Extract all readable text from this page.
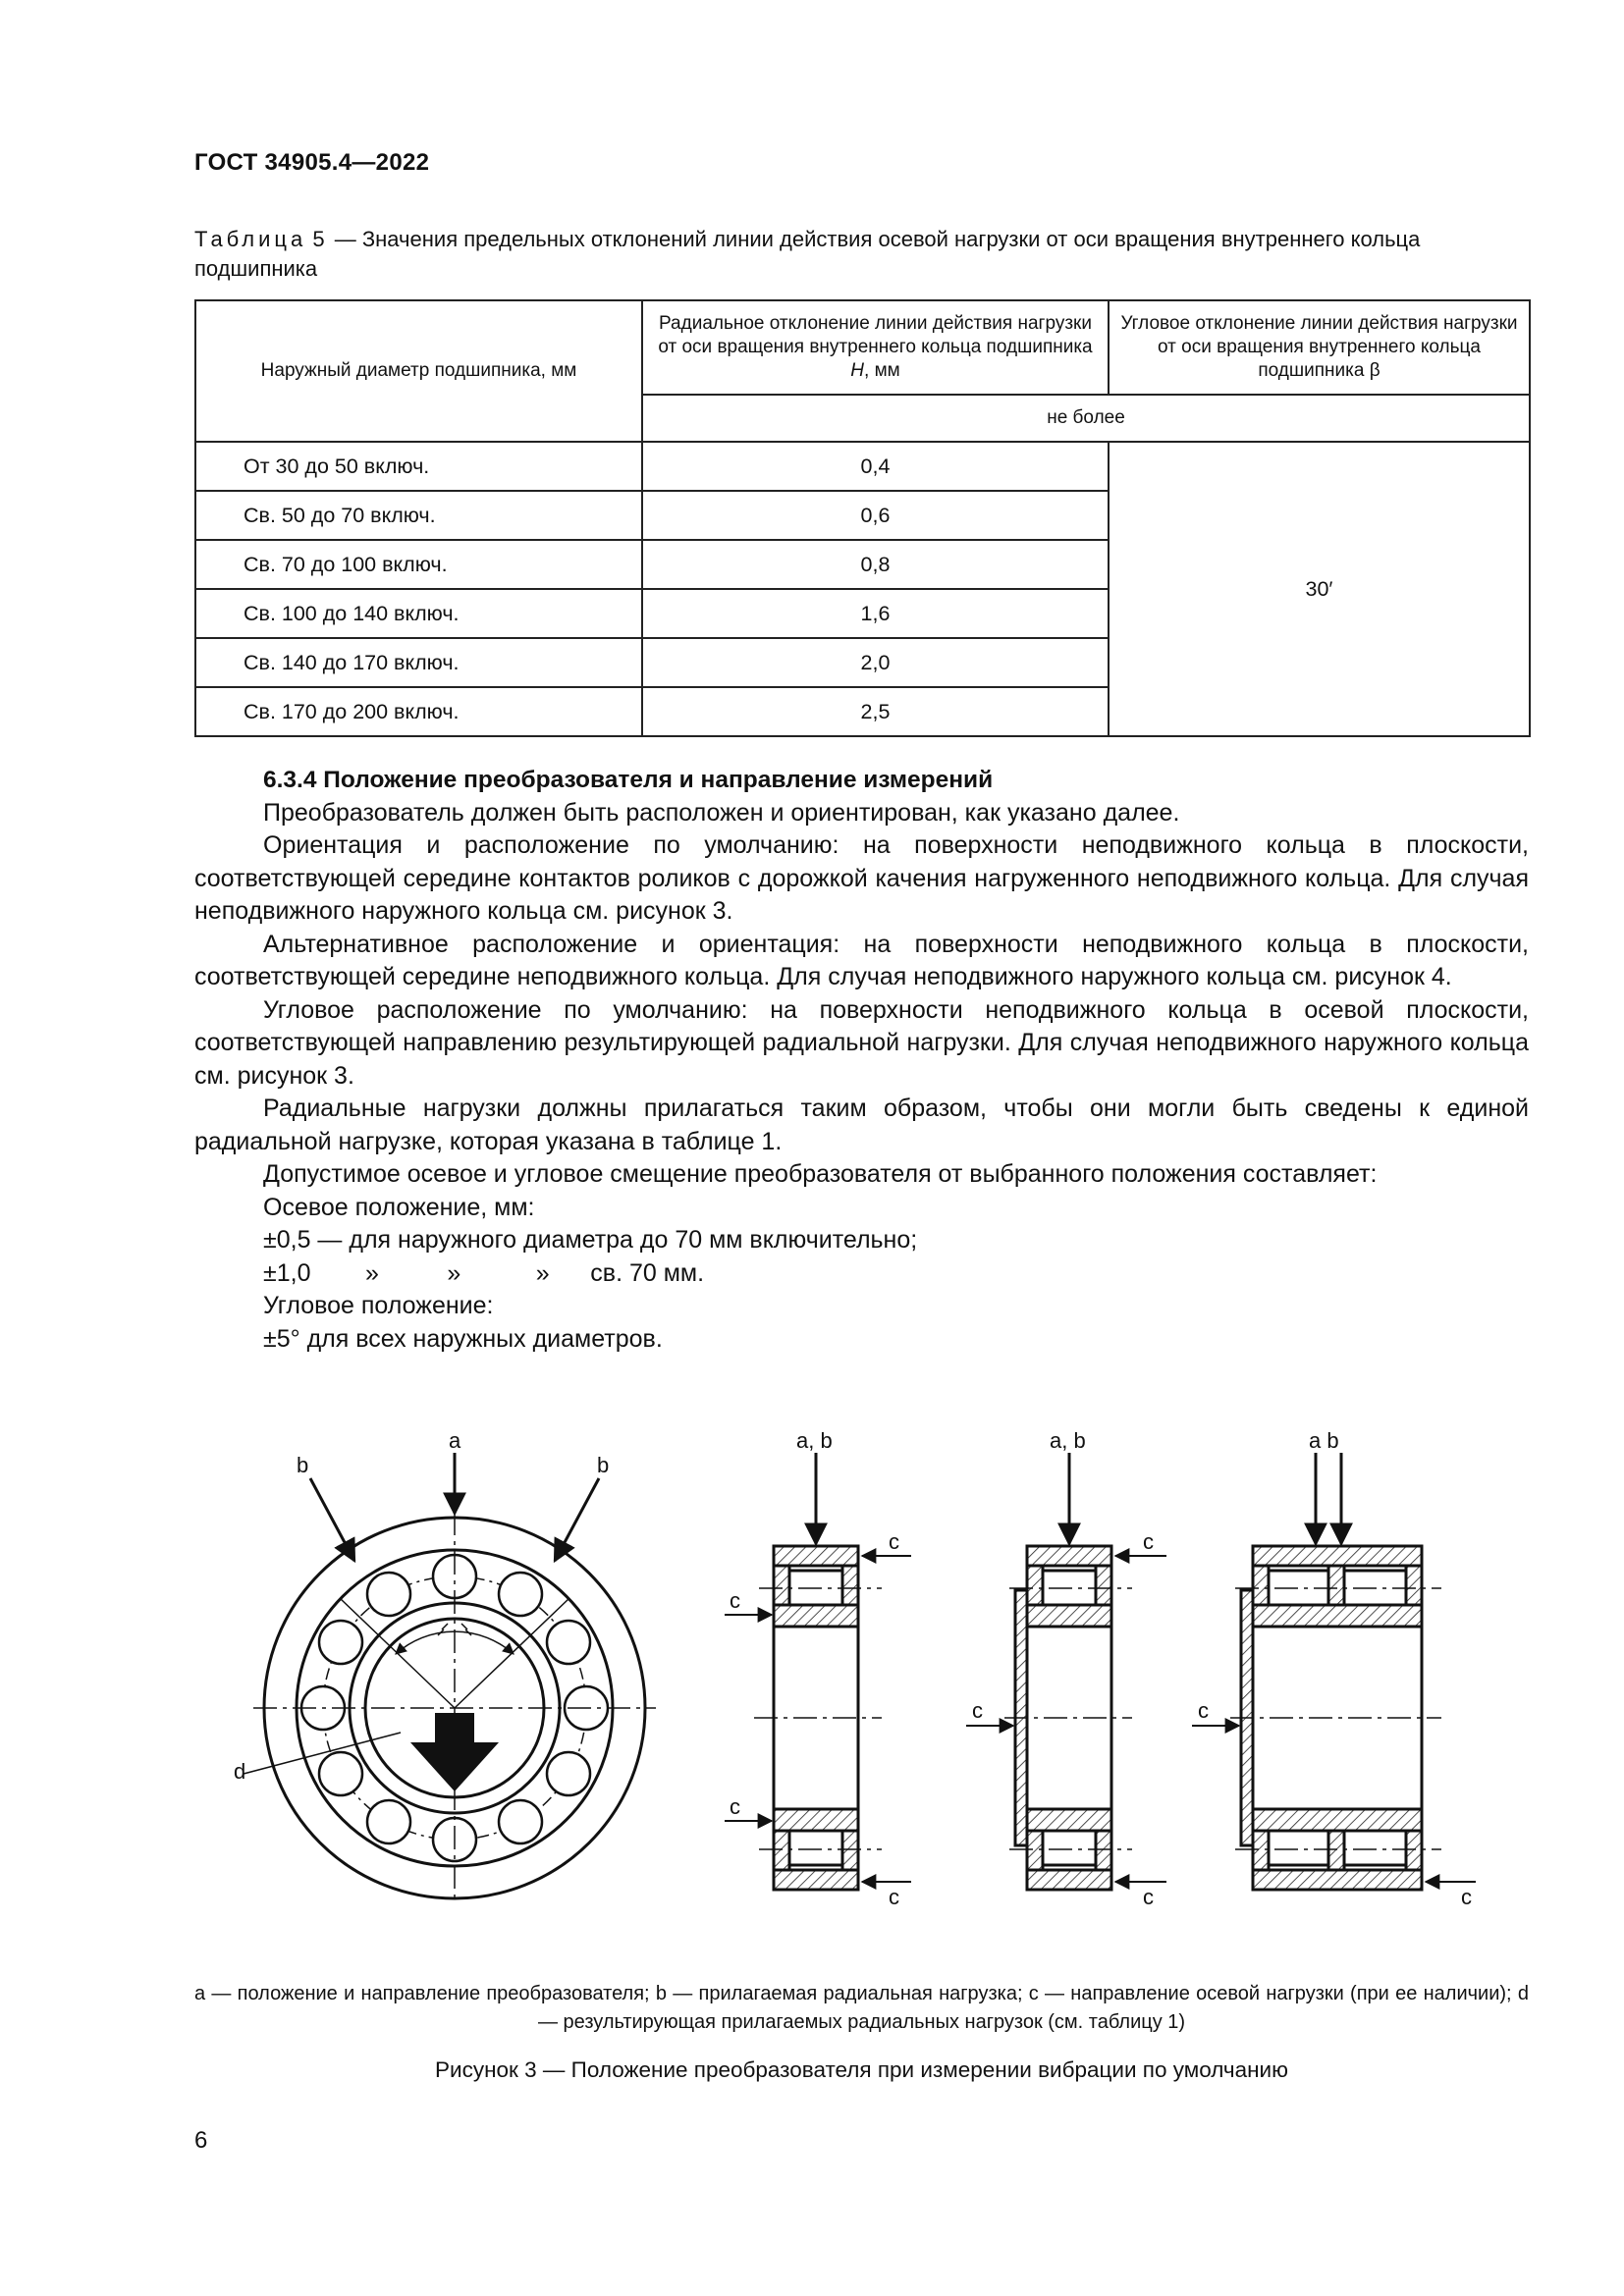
ГОСТ 34905.4—2022
Таблица 5 — Значения предельных отклонений линии действия осевой нагрузки от оси вращения внутреннего кольца подшипника
Наружный диаметр подшипника, мм	Радиальное отклонение линии действия нагрузки от оси вращения внутреннего кольца подшипника H, мм	Угловое отклонение линии действия нагрузки от оси вращения внутреннего кольца подшипника β
	не более	
От 30 до 50 включ.	0,4	30′
Св. 50 до 70 включ.	0,6	
Св. 70 до 100 включ.	0,8	
Св. 100 до 140 включ.	1,6	
Св. 140 до 170 включ.	2,0	
Св. 170 до 200 включ.	2,5	
6.3.4 Положение преобразователя и направление измерений

Преобразователь должен быть расположен и ориентирован, как указано далее.

Ориентация и расположение по умолчанию: на поверхности неподвижного кольца в плоскости, соответствующей середине контактов роликов с дорожкой качения нагруженного неподвижного кольца. Для случая неподвижного наружного кольца см. рисунок 3.

Альтернативное расположение и ориентация: на поверхности неподвижного кольца в плоскости, соответствующей середине неподвижного кольца. Для случая неподвижного наружного кольца см. рисунок 4.

Угловое расположение по умолчанию: на поверхности неподвижного кольца в осевой плоскости, соответствующей направлению результирующей радиальной нагрузки. Для случая неподвижного наружного кольца см. рисунок 3.

Радиальные нагрузки должны прилагаться таким образом, чтобы они могли быть сведены к единой радиальной нагрузке, которая указана в таблице 1.

Допустимое осевое и угловое смещение преобразователя от выбранного положения составляет:

Осевое положение, мм:
±0,5 — для наружного диаметра до 70 мм включительно;
±1,0        »          »           »      св. 70 мм.
Угловое положение:
±5° для всех наружных диаметров.
a
b	b
d
a, b
c
c
c
c
a, b
c
c
c
a b
c
c
a — положение и направление преобразователя; b — прилагаемая радиальная нагрузка; c — направление осевой нагрузки (при ее наличии); d — результирующая прилагаемых радиальных нагрузок (см. таблицу 1)
Рисунок 3 — Положение преобразователя при измерении вибрации по умолчанию
6
